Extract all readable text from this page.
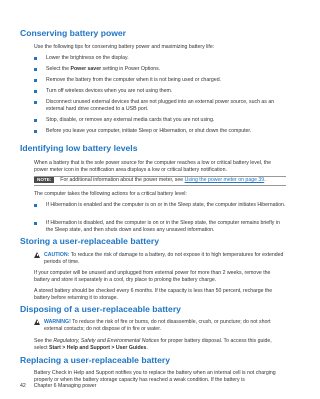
Conserving battery power
Use the following tips for conserving battery power and maximizing battery life:
Lower the brightness on the display.
Select the Power saver setting in Power Options.
Remove the battery from the computer when it is not being used or charged.
Turn off wireless devices when you are not using them.
Disconnect unused external devices that are not plugged into an external power source, such as an external hard drive connected to a USB port.
Stop, disable, or remove any external media cards that you are not using.
Before you leave your computer, initiate Sleep or Hibernation, or shut down the computer.
Identifying low battery levels
When a battery that is the sole power source for the computer reaches a low or critical battery level, the power meter icon in the notification area displays a low or critical battery notification.
NOTE: For additional information about the power meter, see Using the power meter on page 39.
The computer takes the following actions for a critical battery level:
If Hibernation is enabled and the computer is on or in the Sleep state, the computer initiates Hibernation.
If Hibernation is disabled, and the computer is on or in the Sleep state, the computer remains briefly in the Sleep state, and then shuts down and loses any unsaved information.
Storing a user-replaceable battery
CAUTION: To reduce the risk of damage to a battery, do not expose it to high temperatures for extended periods of time.
If your computer will be unused and unplugged from external power for more than 2 weeks, remove the battery and store it separately in a cool, dry place to prolong the battery charge.
A stored battery should be checked every 6 months. If the capacity is less than 50 percent, recharge the battery before returning it to storage.
Disposing of a user-replaceable battery
WARNING! To reduce the risk of fire or burns, do not disassemble, crush, or puncture; do not short external contacts; do not dispose of in fire or water.
See the Regulatory, Safety and Environmental Notices for proper battery disposal. To access this guide, select Start > Help and Support > User Guides.
Replacing a user-replaceable battery
Battery Check in Help and Support notifies you to replace the battery when an internal cell is not charging properly or when the battery storage capacity has reached a weak condition. If the battery is
42 Chapter 6 Managing power
